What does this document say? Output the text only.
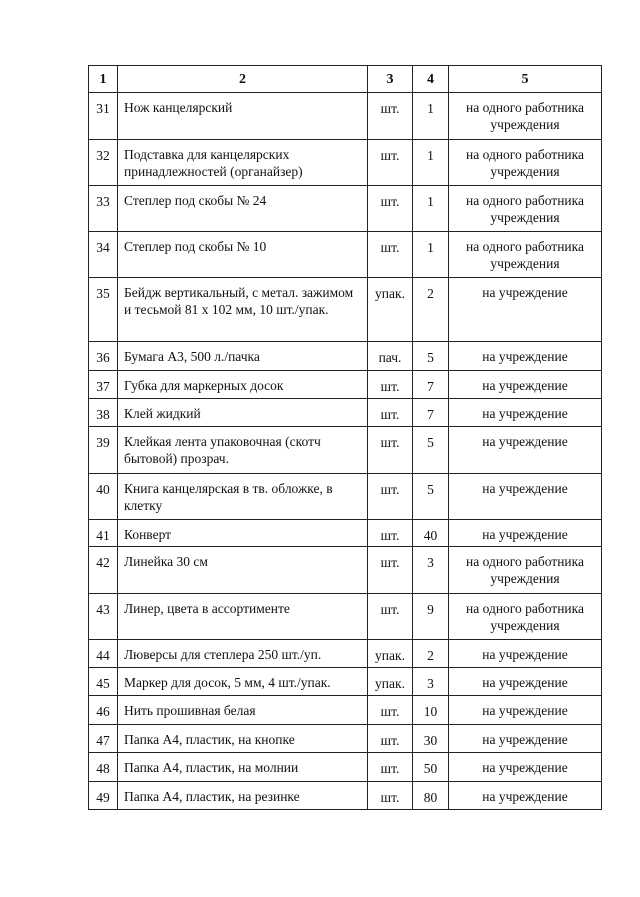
1	2	3	4	5
31	Нож канцелярский	шт.	1	на одного работника учреждения
32	Подставка для канцелярских принадлежностей (органайзер)	шт.	1	на одного работника учреждения
33	Степлер под скобы № 24	шт.	1	на одного работника учреждения
34	Степлер под скобы № 10	шт.	1	на одного работника учреждения
35	Бейдж вертикальный, с метал. зажимом и тесьмой 81 х 102 мм, 10 шт./упак.	упак.	2	на учреждение
36	Бумага А3, 500 л./пачка	пач.	5	на учреждение
37	Губка для маркерных досок	шт.	7	на учреждение
38	Клей жидкий	шт.	7	на учреждение
39	Клейкая лента упаковочная (скотч бытовой) прозрач.	шт.	5	на учреждение
40	Книга канцелярская в тв. обложке, в клетку	шт.	5	на учреждение
41	Конверт	шт.	40	на учреждение
42	Линейка 30 см	шт.	3	на одного работника учреждения
43	Линер, цвета в ассортименте	шт.	9	на одного работника учреждения
44	Люверсы для степлера 250 шт./уп.	упак.	2	на учреждение
45	Маркер для досок, 5 мм, 4 шт./упак.	упак.	3	на учреждение
46	Нить прошивная белая	шт.	10	на учреждение
47	Папка А4, пластик, на кнопке	шт.	30	на учреждение
48	Папка А4, пластик, на молнии	шт.	50	на учреждение
49	Папка А4, пластик, на резинке	шт.	80	на учреждение
